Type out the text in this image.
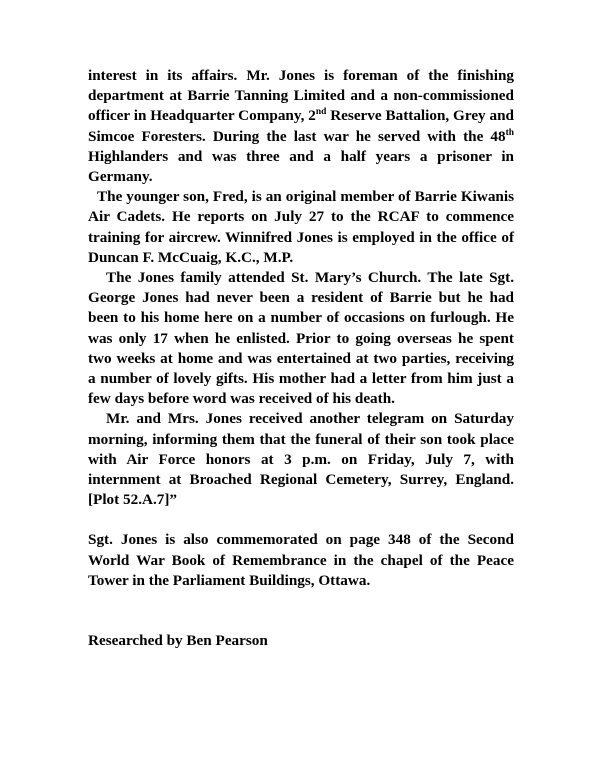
interest in its affairs. Mr. Jones is foreman of the finishing department at Barrie Tanning Limited and a non-commissioned officer in Headquarter Company, 2nd Reserve Battalion, Grey and Simcoe Foresters. During the last war he served with the 48th Highlanders and was three and a half years a prisoner in Germany.

The younger son, Fred, is an original member of Barrie Kiwanis Air Cadets. He reports on July 27 to the RCAF to commence training for aircrew. Winnifred Jones is employed in the office of Duncan F. McCuaig, K.C., M.P.

The Jones family attended St. Mary’s Church. The late Sgt. George Jones had never been a resident of Barrie but he had been to his home here on a number of occasions on furlough. He was only 17 when he enlisted. Prior to going overseas he spent two weeks at home and was entertained at two parties, receiving a number of lovely gifts. His mother had a letter from him just a few days before word was received of his death.

Mr. and Mrs. Jones received another telegram on Saturday morning, informing them that the funeral of their son took place with Air Force honors at 3 p.m. on Friday, July 7, with internment at Broached Regional Cemetery, Surrey, England. [Plot 52.A.7]”

Sgt. Jones is also commemorated on page 348 of the Second World War Book of Remembrance in the chapel of the Peace Tower in the Parliament Buildings, Ottawa.

Researched by Ben Pearson
